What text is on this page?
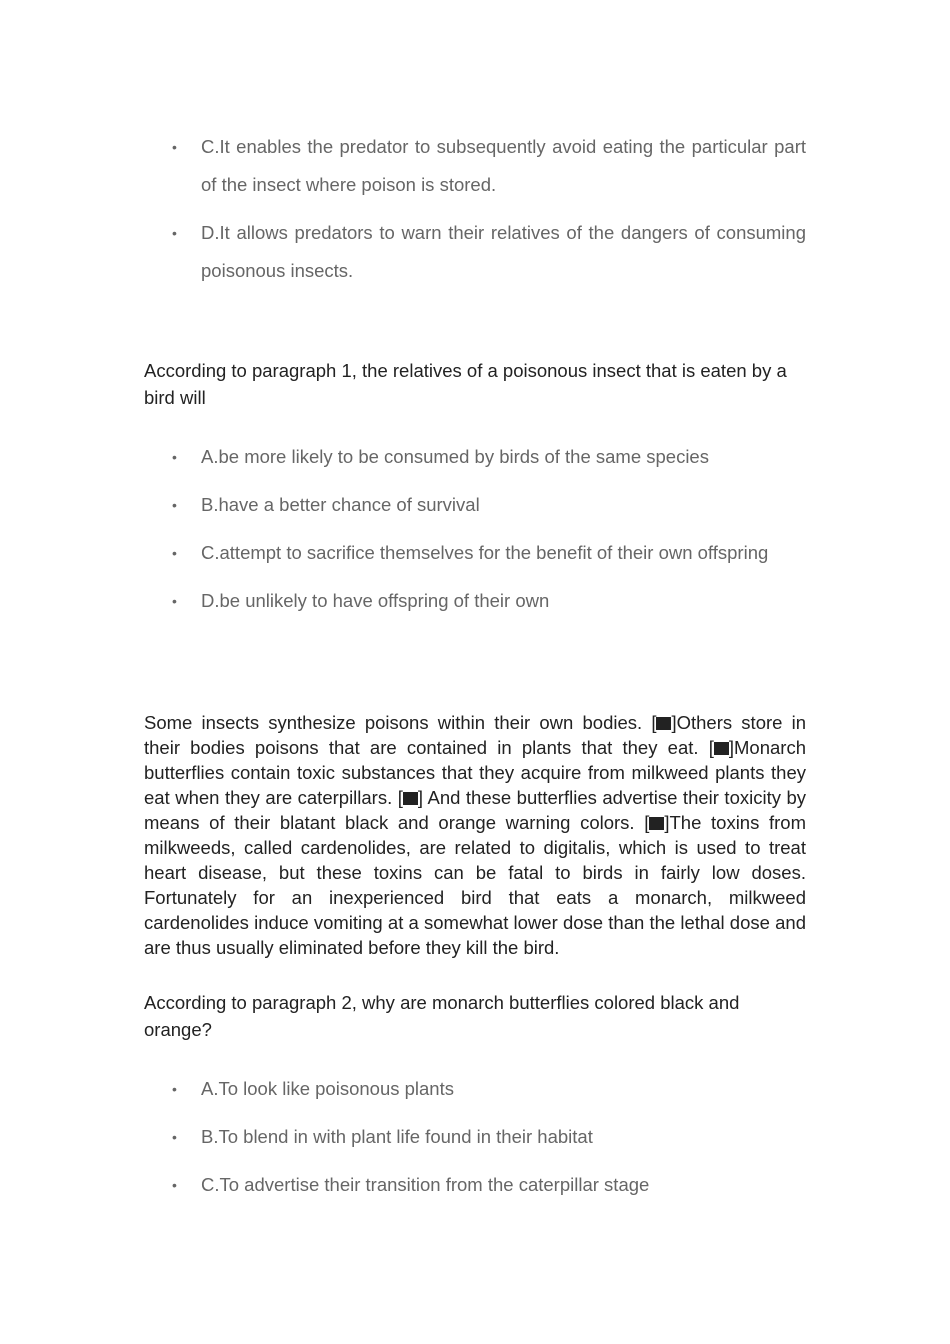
• C.It enables the predator to subsequently avoid eating the particular part of the insect where poison is stored.
• D.It allows predators to warn their relatives of the dangers of consuming poisonous insects.
According to paragraph 1, the relatives of a poisonous insect that is eaten by a bird will
• A.be more likely to be consumed by birds of the same species
• B.have a better chance of survival
• C.attempt to sacrifice themselves for the benefit of their own offspring
• D.be unlikely to have offspring of their own

Some insects synthesize poisons within their own bodies. [ ]Others store in their bodies poisons that are contained in plants that they eat. [ ]Monarch butterflies contain toxic substances that they acquire from milkweed plants they eat when they are caterpillars. [ ] And these butterflies advertise their toxicity by means of their blatant black and orange warning colors. [ ]The toxins from milkweeds, called cardenolides, are related to digitalis, which is used to treat heart disease, but these toxins can be fatal to birds in fairly low doses. Fortunately for an inexperienced bird that eats a monarch, milkweed cardenolides induce vomiting at a somewhat lower dose than the lethal dose and are thus usually eliminated before they kill the bird.

According to paragraph 2, why are monarch butterflies colored black and orange?
• A.To look like poisonous plants
• B.To blend in with plant life found in their habitat
• C.To advertise their transition from the caterpillar stage
